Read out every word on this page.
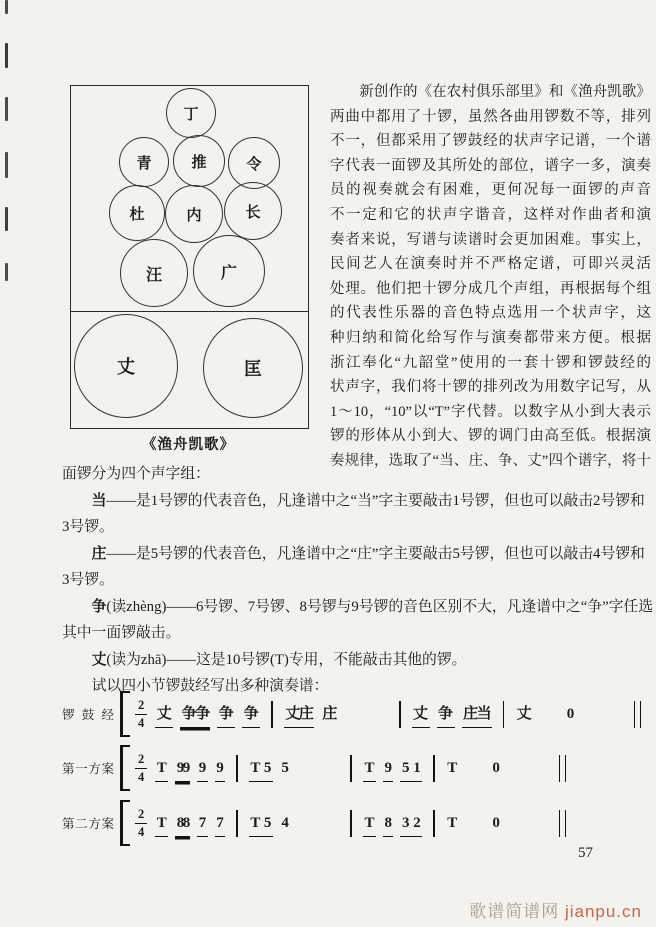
丁
青	推	令
杜	内	长
汪	广
丈	匡
《渔舟凯歌》
　　新创作的《在农村俱乐部里》和《渔舟凯歌》
两曲中都用了十锣，虽然各曲用锣数不等，排列
不一，但都采用了锣鼓经的状声字记谱，一个谱
字代表一面锣及其所处的部位，谱字一多，演奏
员的视奏就会有困难，更何况每一面锣的声音
不一定和它的状声字谐音，这样对作曲者和演
奏者来说，写谱与读谱时会更加困难。事实上，
民间艺人在演奏时并不严格定谱，可即兴灵活
处理。他们把十锣分成几个声组，再根据每个组
的代表性乐器的音色特点选用一个状声字，这
种归纳和简化给写作与演奏都带来方便。根据
浙江奉化“九韶堂”使用的一套十锣和锣鼓经的
状声字，我们将十锣的排列改为用数字记写，从
1～10，“10”以“T”字代替。以数字从小到大表示
锣的形体从小到大、锣的调门由高至低。根据演
奏规律，选取了“当、庄、争、丈”四个谱字，将十
面锣分为四个声字组：
当——是1号锣的代表音色，凡逢谱中之“当”字主要敲击1号锣，但也可以敲击2号锣和
3号锣。
庄——是5号锣的代表音色，凡逢谱中之“庄”字主要敲击5号锣，但也可以敲击4号锣和
3号锣。
争(读zhèng)——6号锣、7号锣、8号锣与9号锣的音色区别不大，凡逢谱中之“争”字任选
其中一面锣敲击。
丈(读为zhā)——这是10号锣(T)专用，不能敲击其他的锣。
试以四小节锣鼓经写出多种演奏谱：
锣鼓经 $\frac{2}{4}$ 丈 争争 争 争 丈庄 庄	丈 争 庄当 丈 0
第一方案 $\frac{2}{4}$ T 99 9 9 T 5 5	T 9 5 1 T 0
第二方案 $\frac{2}{4}$ T 88 7 7 T 5 4	T 8 3 2 T 0
57
歌谱简谱网 jianpu.cn
